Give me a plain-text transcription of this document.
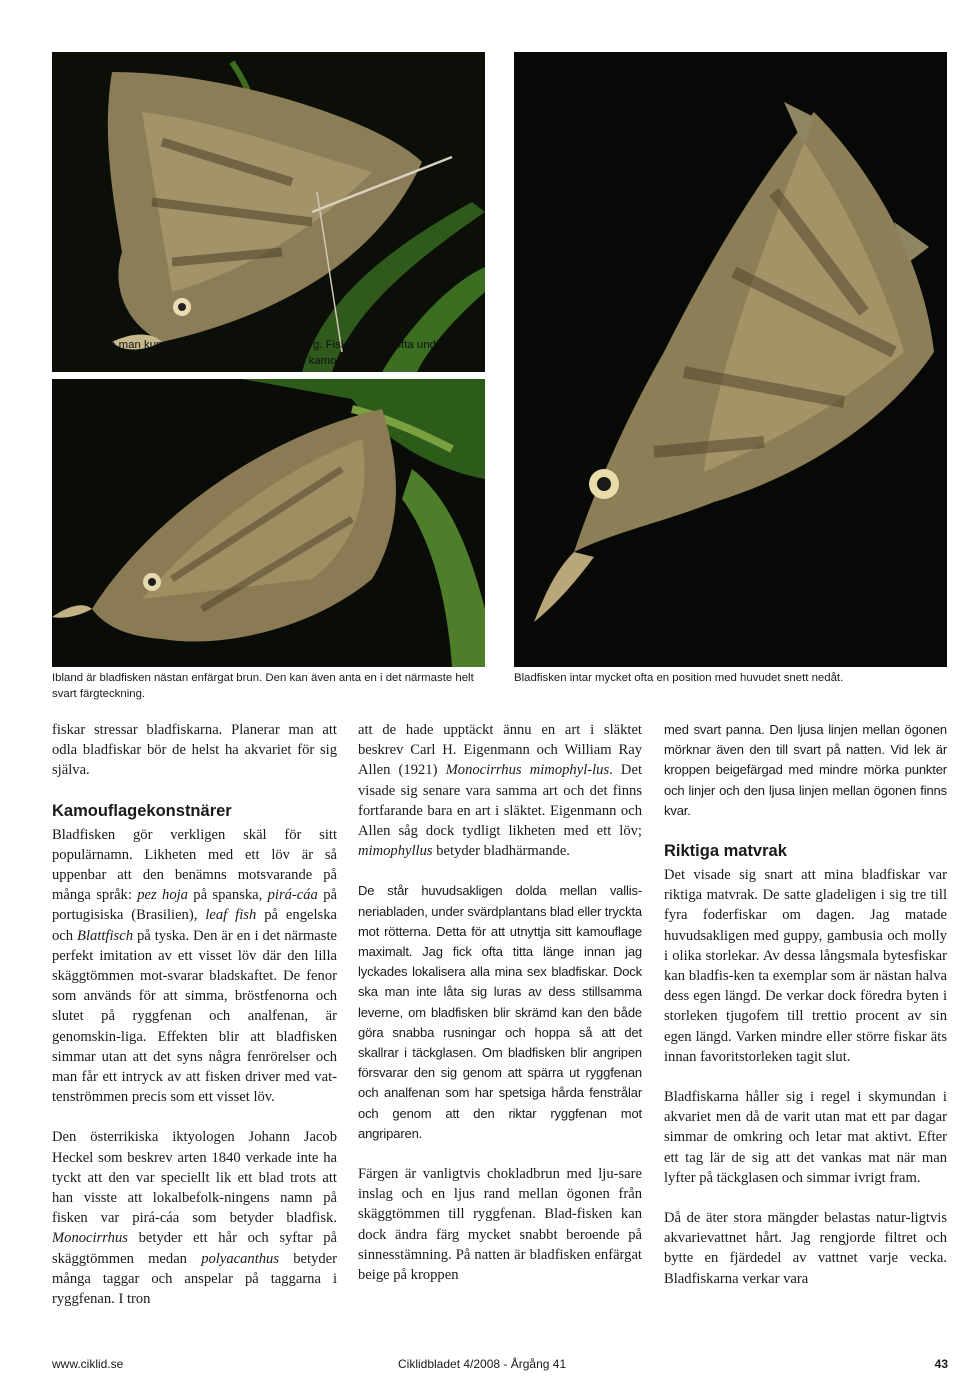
Detta skulle man kunna kalla bladfiskens normalfärg. Fiskarna står ofta under eller intill en växt eller rot, antagligen för att vara bättre kamouflerade.
Ibland är bladfisken nästan enfärgat brun. Den kan även anta en i det närmaste helt svart färgteckning.
Bladfisken intar mycket ofta en position med huvudet snett nedåt.

fiskar stressar bladfiskarna. Planerar man att odla bladfiskar bör de helst ha akvariet för sig själva.

Kamouflagekonstnärer

Bladfisken gör verkligen skäl för sitt populärnamn. Likheten med ett löv är så uppenbar att den benämns motsvarande på många språk: pez hoja på spanska, pirá-cáa på portugisiska (Brasilien), leaf fish på engelska och Blattfisch på tyska. Den är en i det närmaste perfekt imitation av ett visset löv där den lilla skäggtömmen mot-svarar bladskaftet. De fenor som används för att simma, bröstfenorna och slutet på ryggfenan och analfenan, är genomskin-liga. Effekten blir att bladfisken simmar utan att det syns några fenrörelser och man får ett intryck av att fisken driver med vat-tenströmmen precis som ett visset löv.

Den österrikiska iktyologen Johann Jacob Heckel som beskrev arten 1840 verkade inte ha tyckt att den var speciellt lik ett blad trots att han visste att lokalbefolk-ningens namn på fisken var pirá-cáa som betyder bladfisk. Monocirrhus betyder ett hår och syftar på skäggtömmen medan polyacanthus betyder många taggar och anspelar på taggarna i ryggfenan. I tron

att de hade upptäckt ännu en art i släktet beskrev Carl H. Eigenmann och William Ray Allen (1921) Monocirrhus mimophyl-lus. Det visade sig senare vara samma art och det finns fortfarande bara en art i släktet. Eigenmann och Allen såg dock tydligt likheten med ett löv; mimophyllus betyder bladhärmande.

De står huvudsakligen dolda mellan vallis-neriabladen, under svärdplantans blad eller tryckta mot rötterna. Detta för att utnyttja sitt kamouflage maximalt. Jag fick ofta titta länge innan jag lyckades lokalisera alla mina sex bladfiskar. Dock ska man inte låta sig luras av dess stillsamma leverne, om bladfisken blir skrämd kan den både göra snabba rusningar och hoppa så att det skallrar i täckglasen. Om bladfisken blir angripen försvarar den sig genom att spärra ut ryggfenan och analfenan som har spetsiga hårda fenstrålar och genom att den riktar ryggfenan mot angriparen.

Färgen är vanligtvis chokladbrun med lju-sare inslag och en ljus rand mellan ögonen från skäggtömmen till ryggfenan. Blad-fisken kan dock ändra färg mycket snabbt beroende på sinnesstämning. På natten är bladfisken enfärgat beige på kroppen

med svart panna. Den ljusa linjen mellan ögonen mörknar även den till svart på natten. Vid lek är kroppen beigefärgad med mindre mörka punkter och linjer och den ljusa linjen mellan ögonen finns kvar.

Riktiga matvrak

Det visade sig snart att mina bladfiskar var riktiga matvrak. De satte gladeligen i sig tre till fyra foderfiskar om dagen. Jag matade huvudsakligen med guppy, gambusia och molly i olika storlekar. Av dessa långsmala bytesfiskar kan bladfis-ken ta exemplar som är nästan halva dess egen längd. De verkar dock föredra byten i storleken tjugofem till trettio procent av sin egen längd. Varken mindre eller större fiskar äts innan favoritstorleken tagit slut.

Bladfiskarna håller sig i regel i skymundan i akvariet men då de varit utan mat ett par dagar simmar de omkring och letar mat aktivt. Efter ett tag lär de sig att det vankas mat när man lyfter på täckglasen och simmar ivrigt fram.

Då de äter stora mängder belastas natur-ligtvis akvarievattnet hårt. Jag rengjorde filtret och bytte en fjärdedel av vattnet varje vecka. Bladfiskarna verkar vara

www.ciklid.se	Ciklidbladet 4/2008 - Årgång 41	43
